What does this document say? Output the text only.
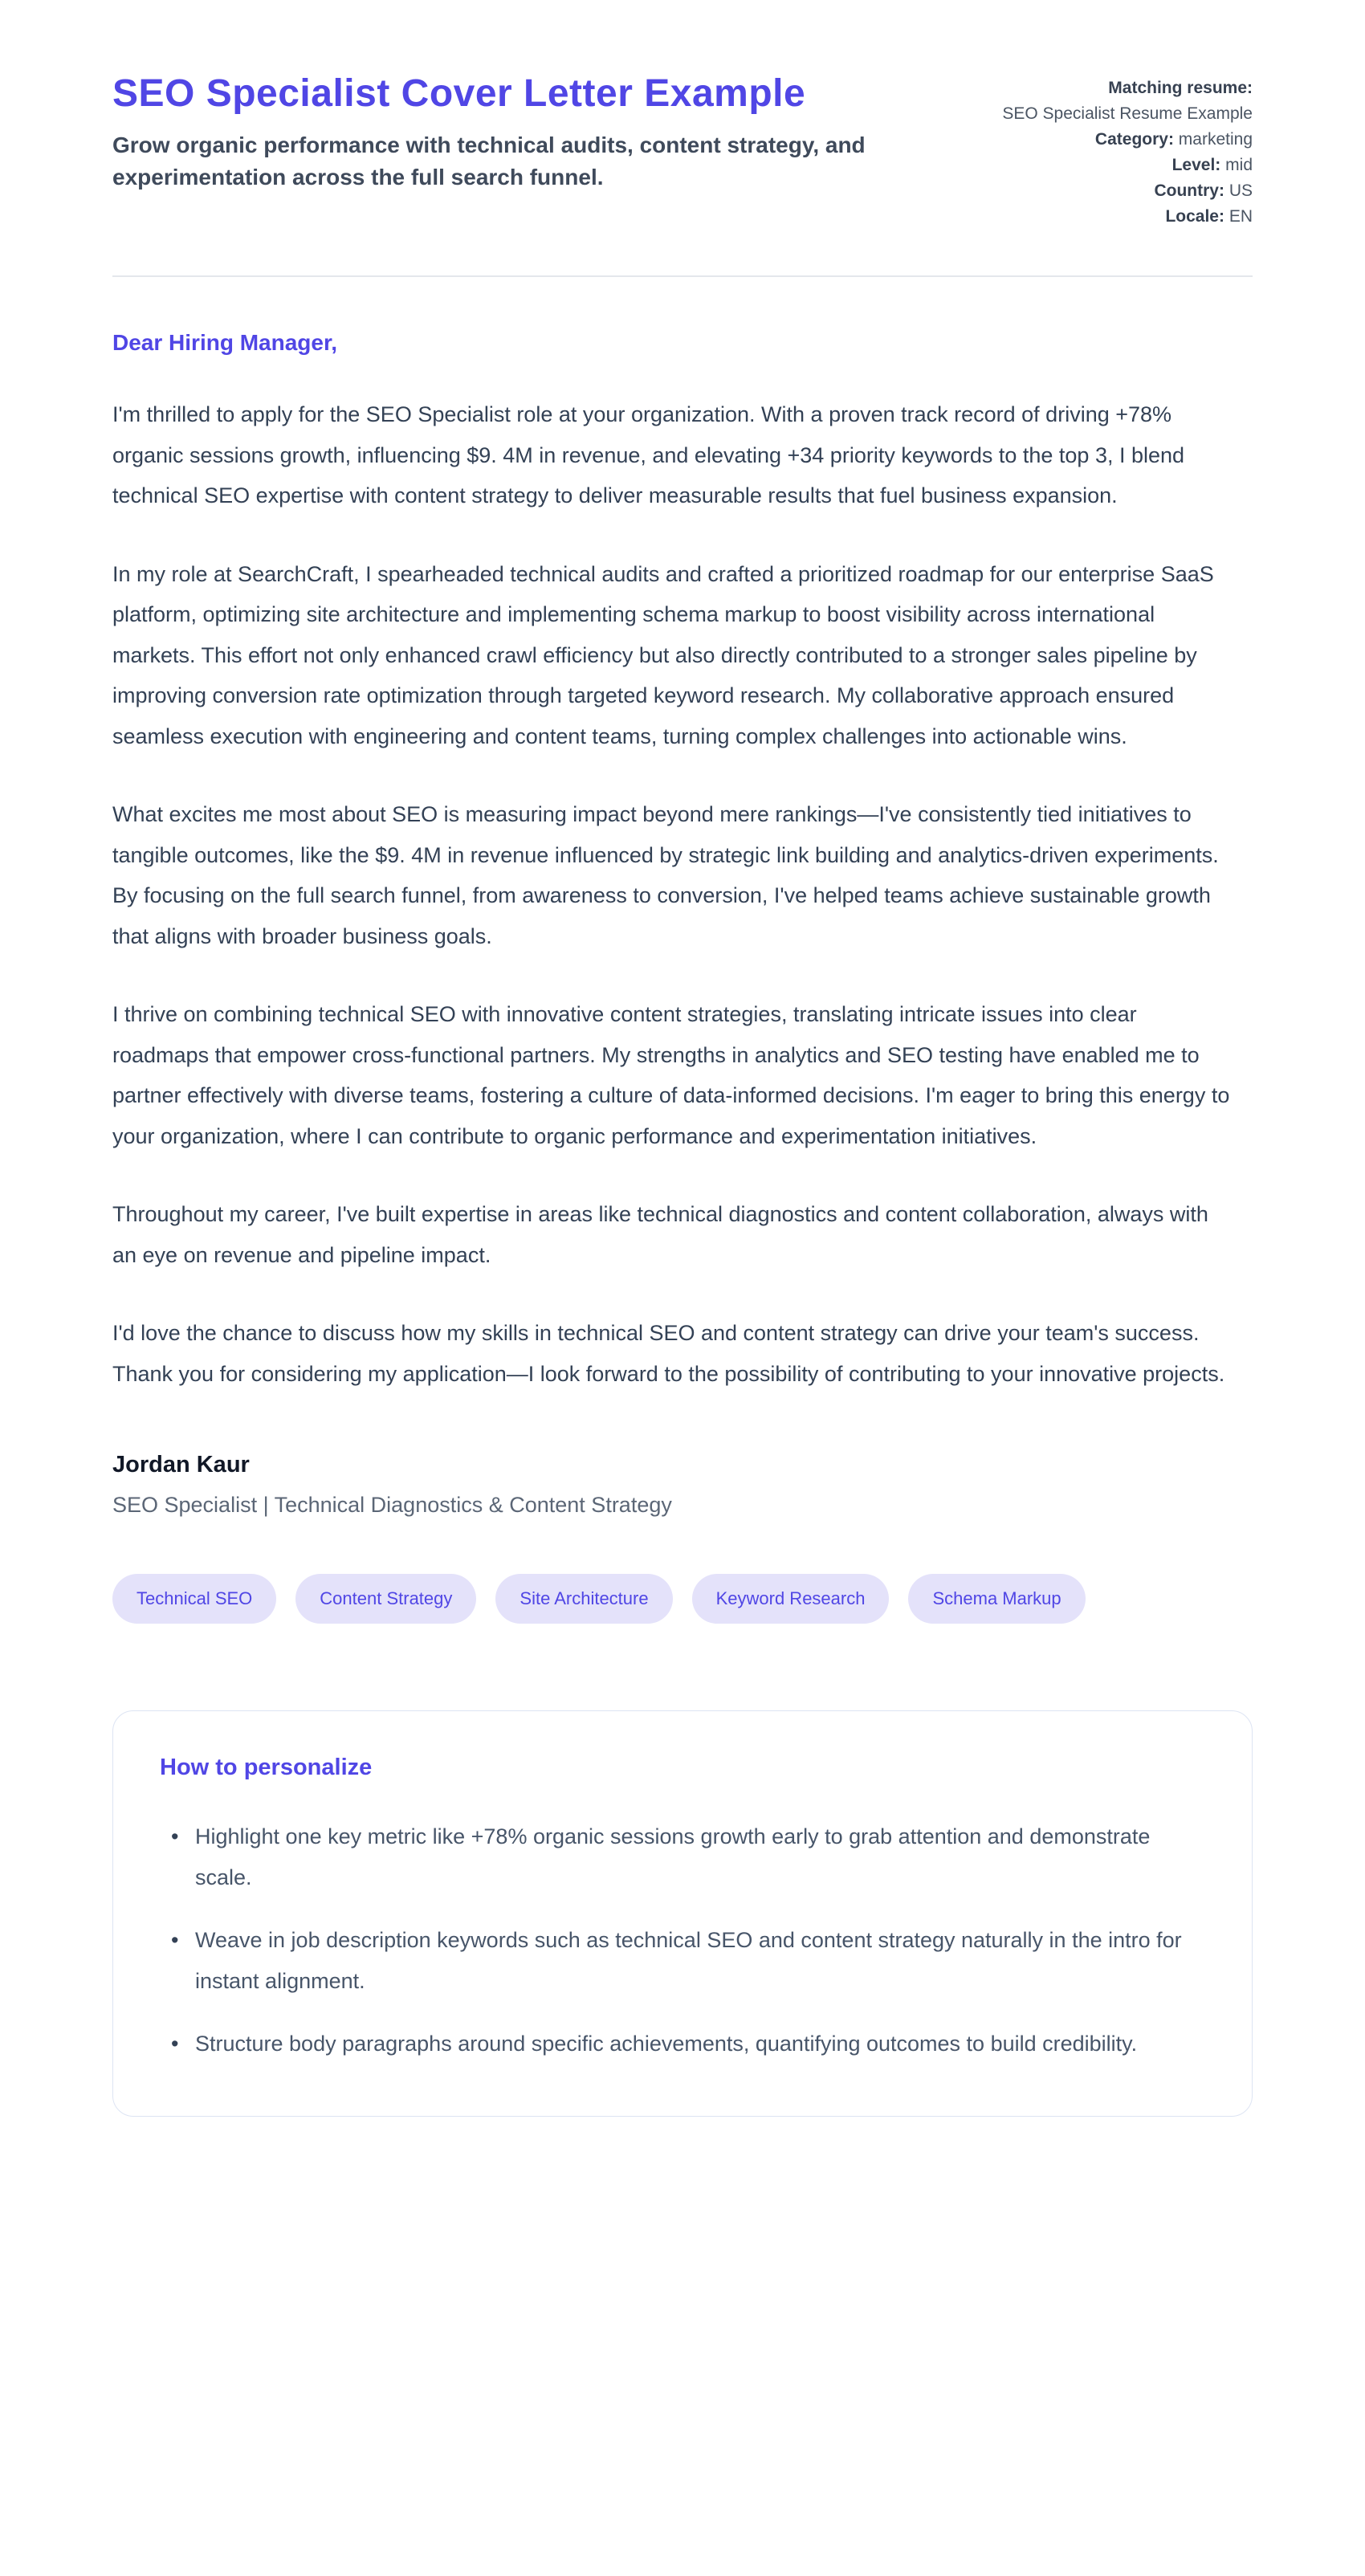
SEO Specialist Cover Letter Example
Grow organic performance with technical audits, content strategy, and experimentation across the full search funnel.
Matching resume:
SEO Specialist Resume Example
Category: marketing
Level: mid
Country: US
Locale: EN
Dear Hiring Manager,

I'm thrilled to apply for the SEO Specialist role at your organization. With a proven track record of driving +78% organic sessions growth, influencing $9. 4M in revenue, and elevating +34 priority keywords to the top 3, I blend technical SEO expertise with content strategy to deliver measurable results that fuel business expansion.

In my role at SearchCraft, I spearheaded technical audits and crafted a prioritized roadmap for our enterprise SaaS platform, optimizing site architecture and implementing schema markup to boost visibility across international markets. This effort not only enhanced crawl efficiency but also directly contributed to a stronger sales pipeline by improving conversion rate optimization through targeted keyword research. My collaborative approach ensured seamless execution with engineering and content teams, turning complex challenges into actionable wins.

What excites me most about SEO is measuring impact beyond mere rankings—I've consistently tied initiatives to tangible outcomes, like the $9. 4M in revenue influenced by strategic link building and analytics-driven experiments. By focusing on the full search funnel, from awareness to conversion, I've helped teams achieve sustainable growth that aligns with broader business goals.

I thrive on combining technical SEO with innovative content strategies, translating intricate issues into clear roadmaps that empower cross-functional partners. My strengths in analytics and SEO testing have enabled me to partner effectively with diverse teams, fostering a culture of data-informed decisions. I'm eager to bring this energy to your organization, where I can contribute to organic performance and experimentation initiatives.

Throughout my career, I've built expertise in areas like technical diagnostics and content collaboration, always with an eye on revenue and pipeline impact.

I'd love the chance to discuss how my skills in technical SEO and content strategy can drive your team's success. Thank you for considering my application—I look forward to the possibility of contributing to your innovative projects.

Jordan Kaur
SEO Specialist | Technical Diagnostics & Content Strategy
Technical SEO	Content Strategy	Site Architecture	Keyword Research	Schema Markup
How to personalize
• Highlight one key metric like +78% organic sessions growth early to grab attention and demonstrate scale.
• Weave in job description keywords such as technical SEO and content strategy naturally in the intro for instant alignment.
• Structure body paragraphs around specific achievements, quantifying outcomes to build credibility.
